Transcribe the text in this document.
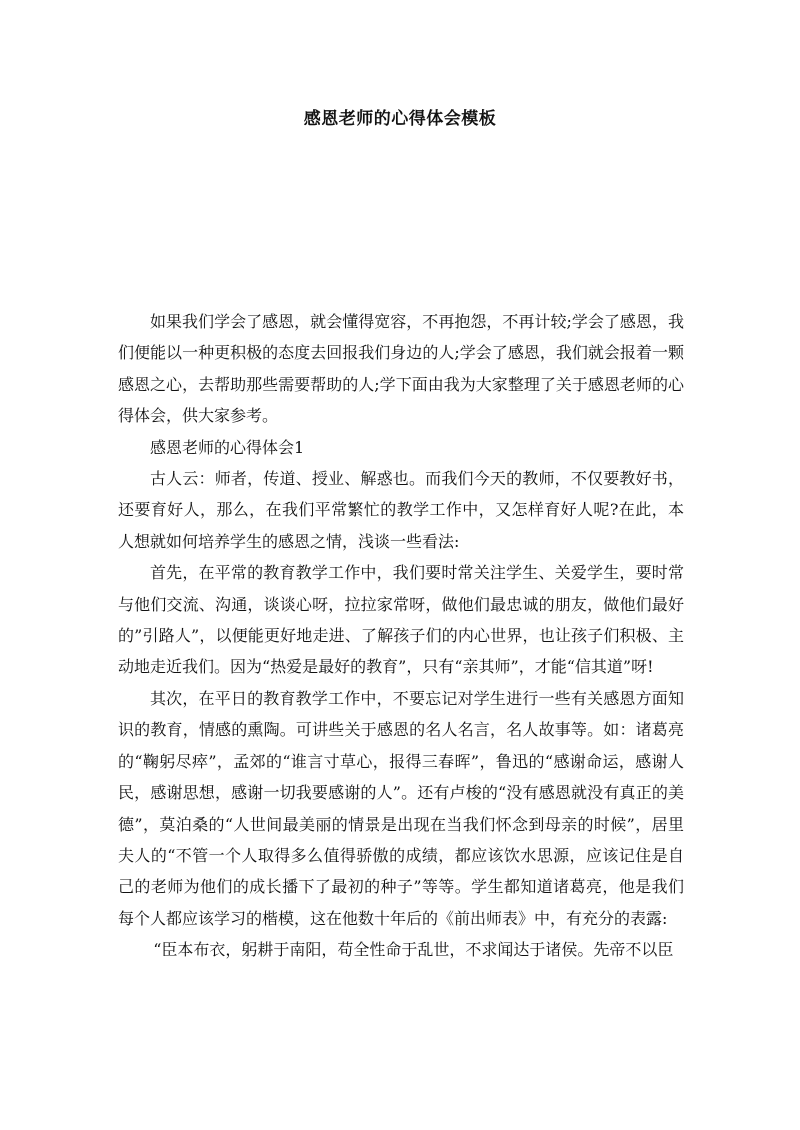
感恩老师的心得体会模板

如果我们学会了感恩，就会懂得宽容，不再抱怨，不再计较;学会了感恩，我们便能以一种更积极的态度去回报我们身边的人;学会了感恩，我们就会报着一颗感恩之心，去帮助那些需要帮助的人;学下面由我为大家整理了关于感恩老师的心得体会，供大家参考。

感恩老师的心得体会1

古人云：师者，传道、授业、解惑也。而我们今天的教师，不仅要教好书，还要育好人，那么，在我们平常繁忙的教学工作中，又怎样育好人呢?在此，本人想就如何培养学生的感恩之情，浅谈一些看法:

首先，在平常的教育教学工作中，我们要时常关注学生、关爱学生，要时常与他们交流、沟通，谈谈心呀，拉拉家常呀，做他们最忠诚的朋友，做他们最好的”引路人”，以便能更好地走进、了解孩子们的内心世界，也让孩子们积极、主动地走近我们。因为“热爱是最好的教育”，只有“亲其师”，才能“信其道”呀!

其次，在平日的教育教学工作中，不要忘记对学生进行一些有关感恩方面知识的教育，情感的熏陶。可讲些关于感恩的名人名言，名人故事等。如：诸葛亮的“鞠躬尽瘁”，孟郊的“谁言寸草心，报得三春晖”，鲁迅的“感谢命运，感谢人民，感谢思想，感谢一切我要感谢的人”。还有卢梭的“没有感恩就没有真正的美德”，莫泊桑的“人世间最美丽的情景是出现在当我们怀念到母亲的时候”，居里夫人的“不管一个人取得多么值得骄傲的成绩，都应该饮水思源，应该记住是自己的老师为他们的成长播下了最初的种子”等等。学生都知道诸葛亮，他是我们每个人都应该学习的楷模，这在他数十年后的《前出师表》中，有充分的表露:

“臣本布衣，躬耕于南阳，苟全性命于乱世，不求闻达于诸侯。先帝不以臣
